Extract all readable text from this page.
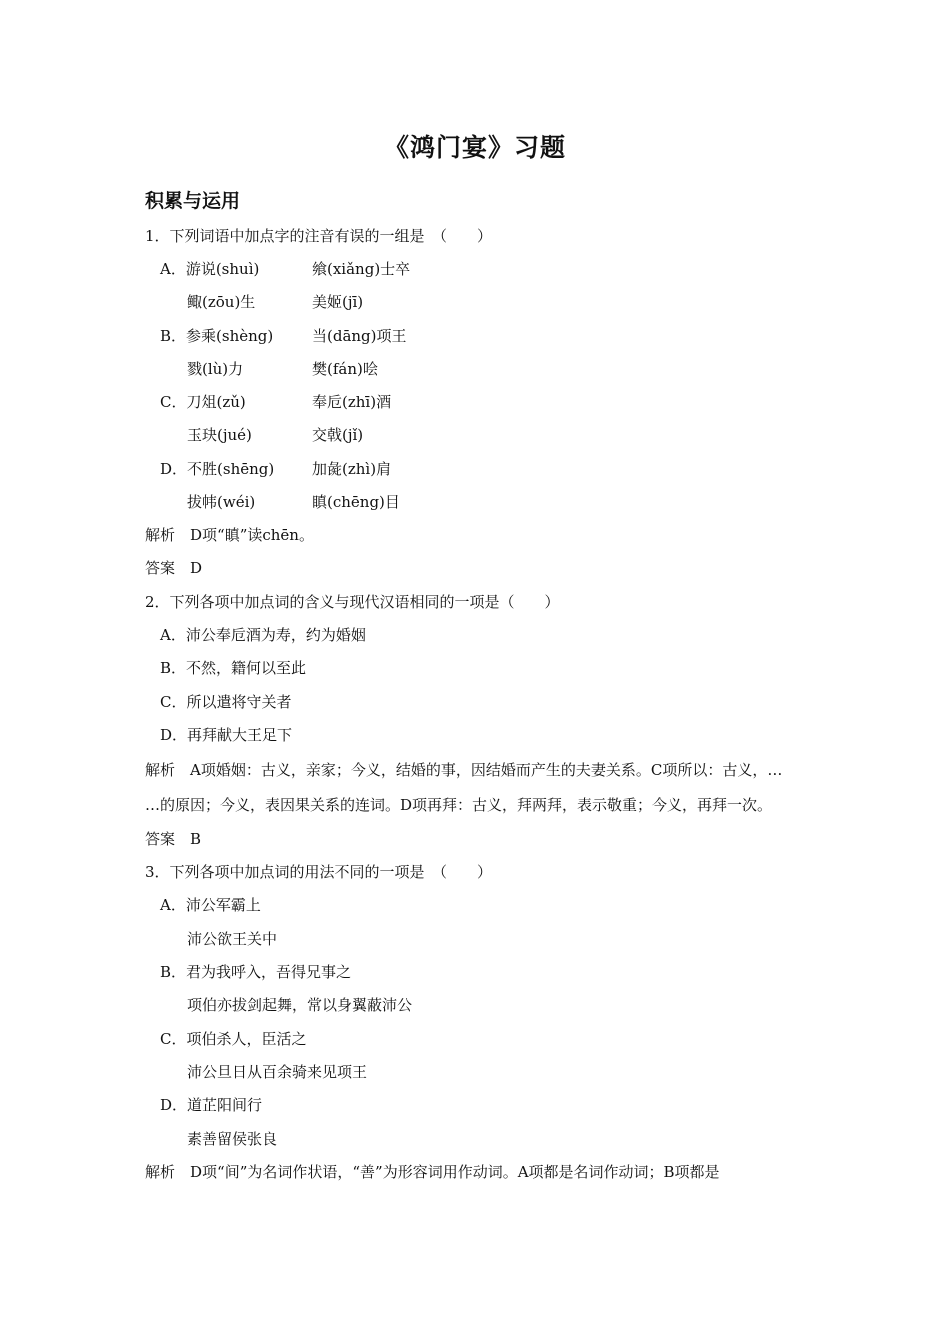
《鸿门宴》习题
积累与运用
1．下列词语中加点字的注音有误的一组是　（　　）
A．游说(shuì)	飨(xiǎng)士卒
鲰(zōu)生	美姬(jī)
B．参乘(shèng)	当(dāng)项王
戮(lù)力	樊(fán)哙
C．刀俎(zǔ)	奉卮(zhī)酒
玉玦(jué)	交戟(jǐ)
D．不胜(shēng)	加彘(zhì)肩
拔帏(wéi)	瞋(chēng)目
解析　D项“瞋”读chēn。
答案　D
2．下列各项中加点词的含义与现代汉语相同的一项是（　　）
A．沛公奉卮酒为寿，约为婚姻
B．不然，籍何以至此
C．所以遣将守关者
D．再拜献大王足下
解析　A项婚姻：古义，亲家；今义，结婚的事，因结婚而产生的夫妻关系。C项所以：古义，…
…的原因；今义，表因果关系的连词。D项再拜：古义，拜两拜，表示敬重；今义，再拜一次。
答案　B
3．下列各项中加点词的用法不同的一项是　（　　）
A．沛公军霸上
沛公欲王关中
B．君为我呼入，吾得兄事之
项伯亦拔剑起舞，常以身翼蔽沛公
C．项伯杀人，臣活之
沛公旦日从百余骑来见项王
D．道芷阳间行
素善留侯张良
解析　D项“间”为名词作状语，“善”为形容词用作动词。A项都是名词作动词；B项都是
